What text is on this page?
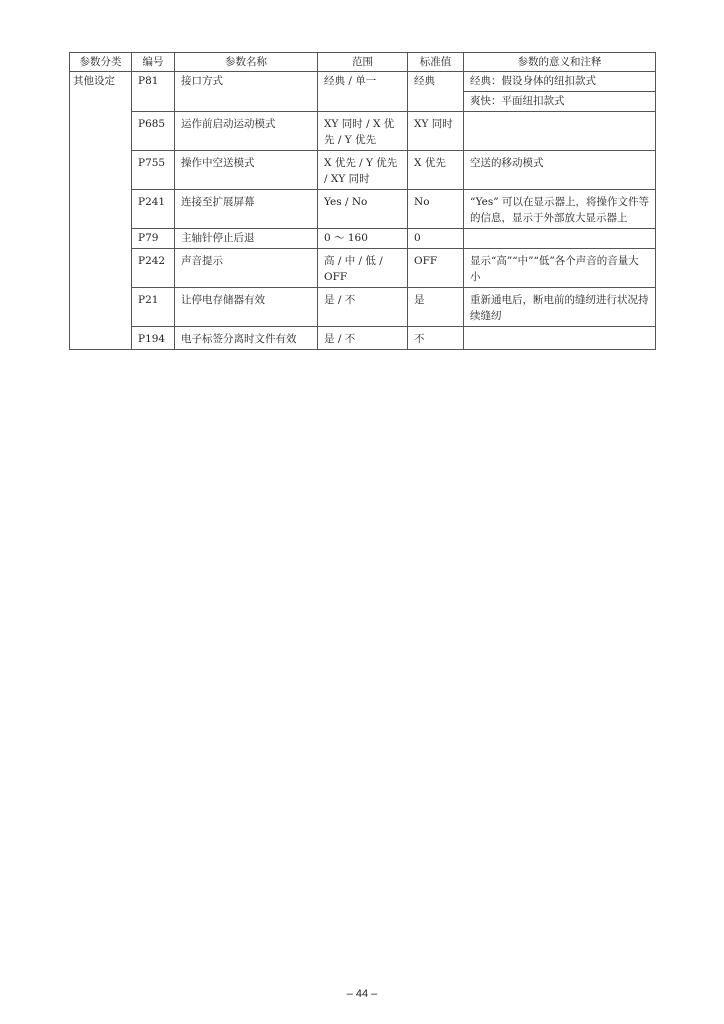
参数分类	编号	参数名称	范围	标准值	参数的意义和注释
其他设定	P81	接口方式	经典 / 单一	经典	经典：假设身体的纽扣款式
					爽快：平面纽扣款式
	P685	运作前启动运动模式	XY 同时 / X 优先 / Y 优先	XY 同时	
	P755	操作中空送模式	X 优先 / Y 优先 / XY 同时	X 优先	空送的移动模式
	P241	连接至扩展屏幕	Yes / No	No	“Yes” 可以在显示器上，将操作文件等的信息，显示于外部放大显示器上
	P79	主轴针停止后退	0 ～ 160	0	
	P242	声音提示	高 / 中 / 低 / OFF	OFF	显示“高”“中”“低”各个声音的音量大小
	P21	让停电存储器有效	是 / 不	是	重新通电后，断电前的缝纫进行状况持续缝纫
	P194	电子标签分离时文件有效	是 / 不	不	
– 44 –
